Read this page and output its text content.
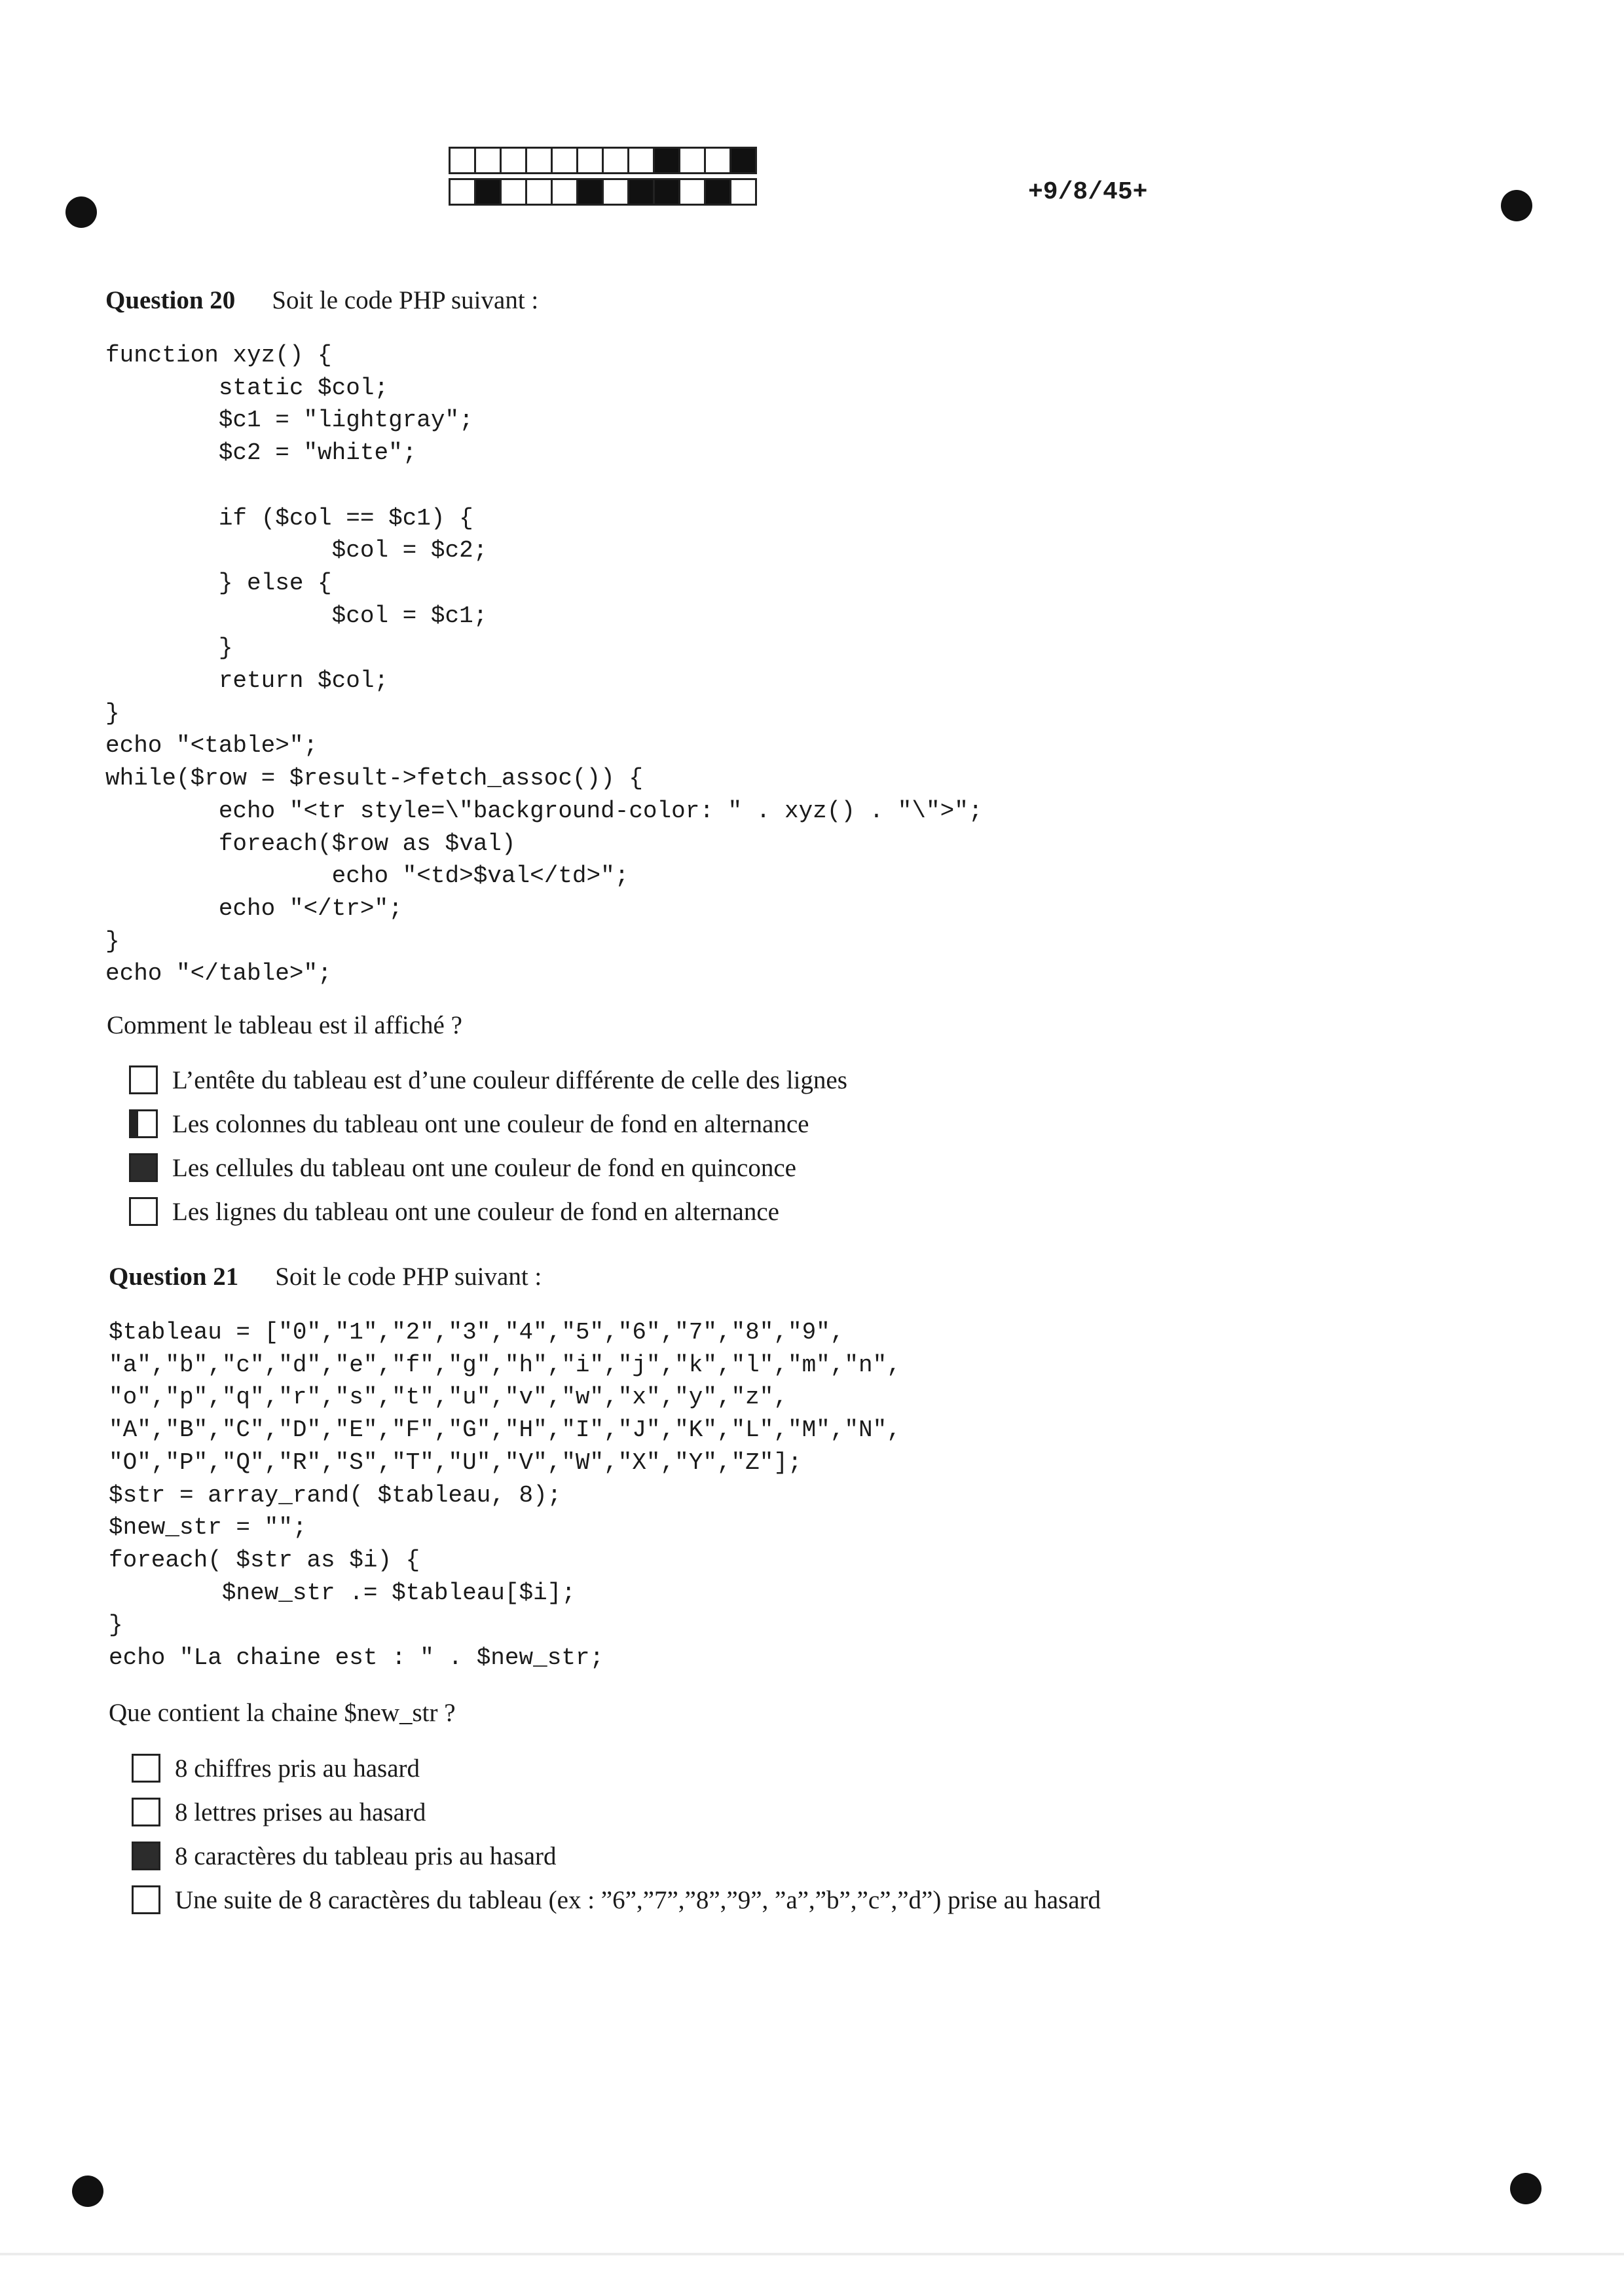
+9/8/45+
Question 20 Soit le code PHP suivant :
function xyz() {
static $col;
$c1 = "lightgray";
$c2 = "white";

if ($col == $c1) {
$col = $c2;
} else {
$col = $c1;
}
return $col;
}
echo "<table>";
while($row = $result->fetch_assoc()) {
echo "<tr style=\"background-color: " . xyz() . "\">";
foreach($row as $val)
echo "<td>$val</td>";
echo "</tr>";
}
echo "</table>";
Comment le tableau est il affiché ?
L’entête du tableau est d’une couleur différente de celle des lignes
Les colonnes du tableau ont une couleur de fond en alternance
Les cellules du tableau ont une couleur de fond en quinconce
Les lignes du tableau ont une couleur de fond en alternance
Question 21 Soit le code PHP suivant :
$tableau = ["0","1","2","3","4","5","6","7","8","9",
"a","b","c","d","e","f","g","h","i","j","k","l","m","n",
"o","p","q","r","s","t","u","v","w","x","y","z",
"A","B","C","D","E","F","G","H","I","J","K","L","M","N",
"O","P","Q","R","S","T","U","V","W","X","Y","Z"];
$str = array_rand( $tableau, 8);
$new_str = "";
foreach( $str as $i) {
$new_str .= $tableau[$i];
}
echo "La chaine est : " . $new_str;
Que contient la chaine $new_str ?
8 chiffres pris au hasard
8 lettres prises au hasard
8 caractères du tableau pris au hasard
Une suite de 8 caractères du tableau (ex : ”6”,”7”,”8”,”9”, ”a”,”b”,”c”,”d”) prise au hasard
